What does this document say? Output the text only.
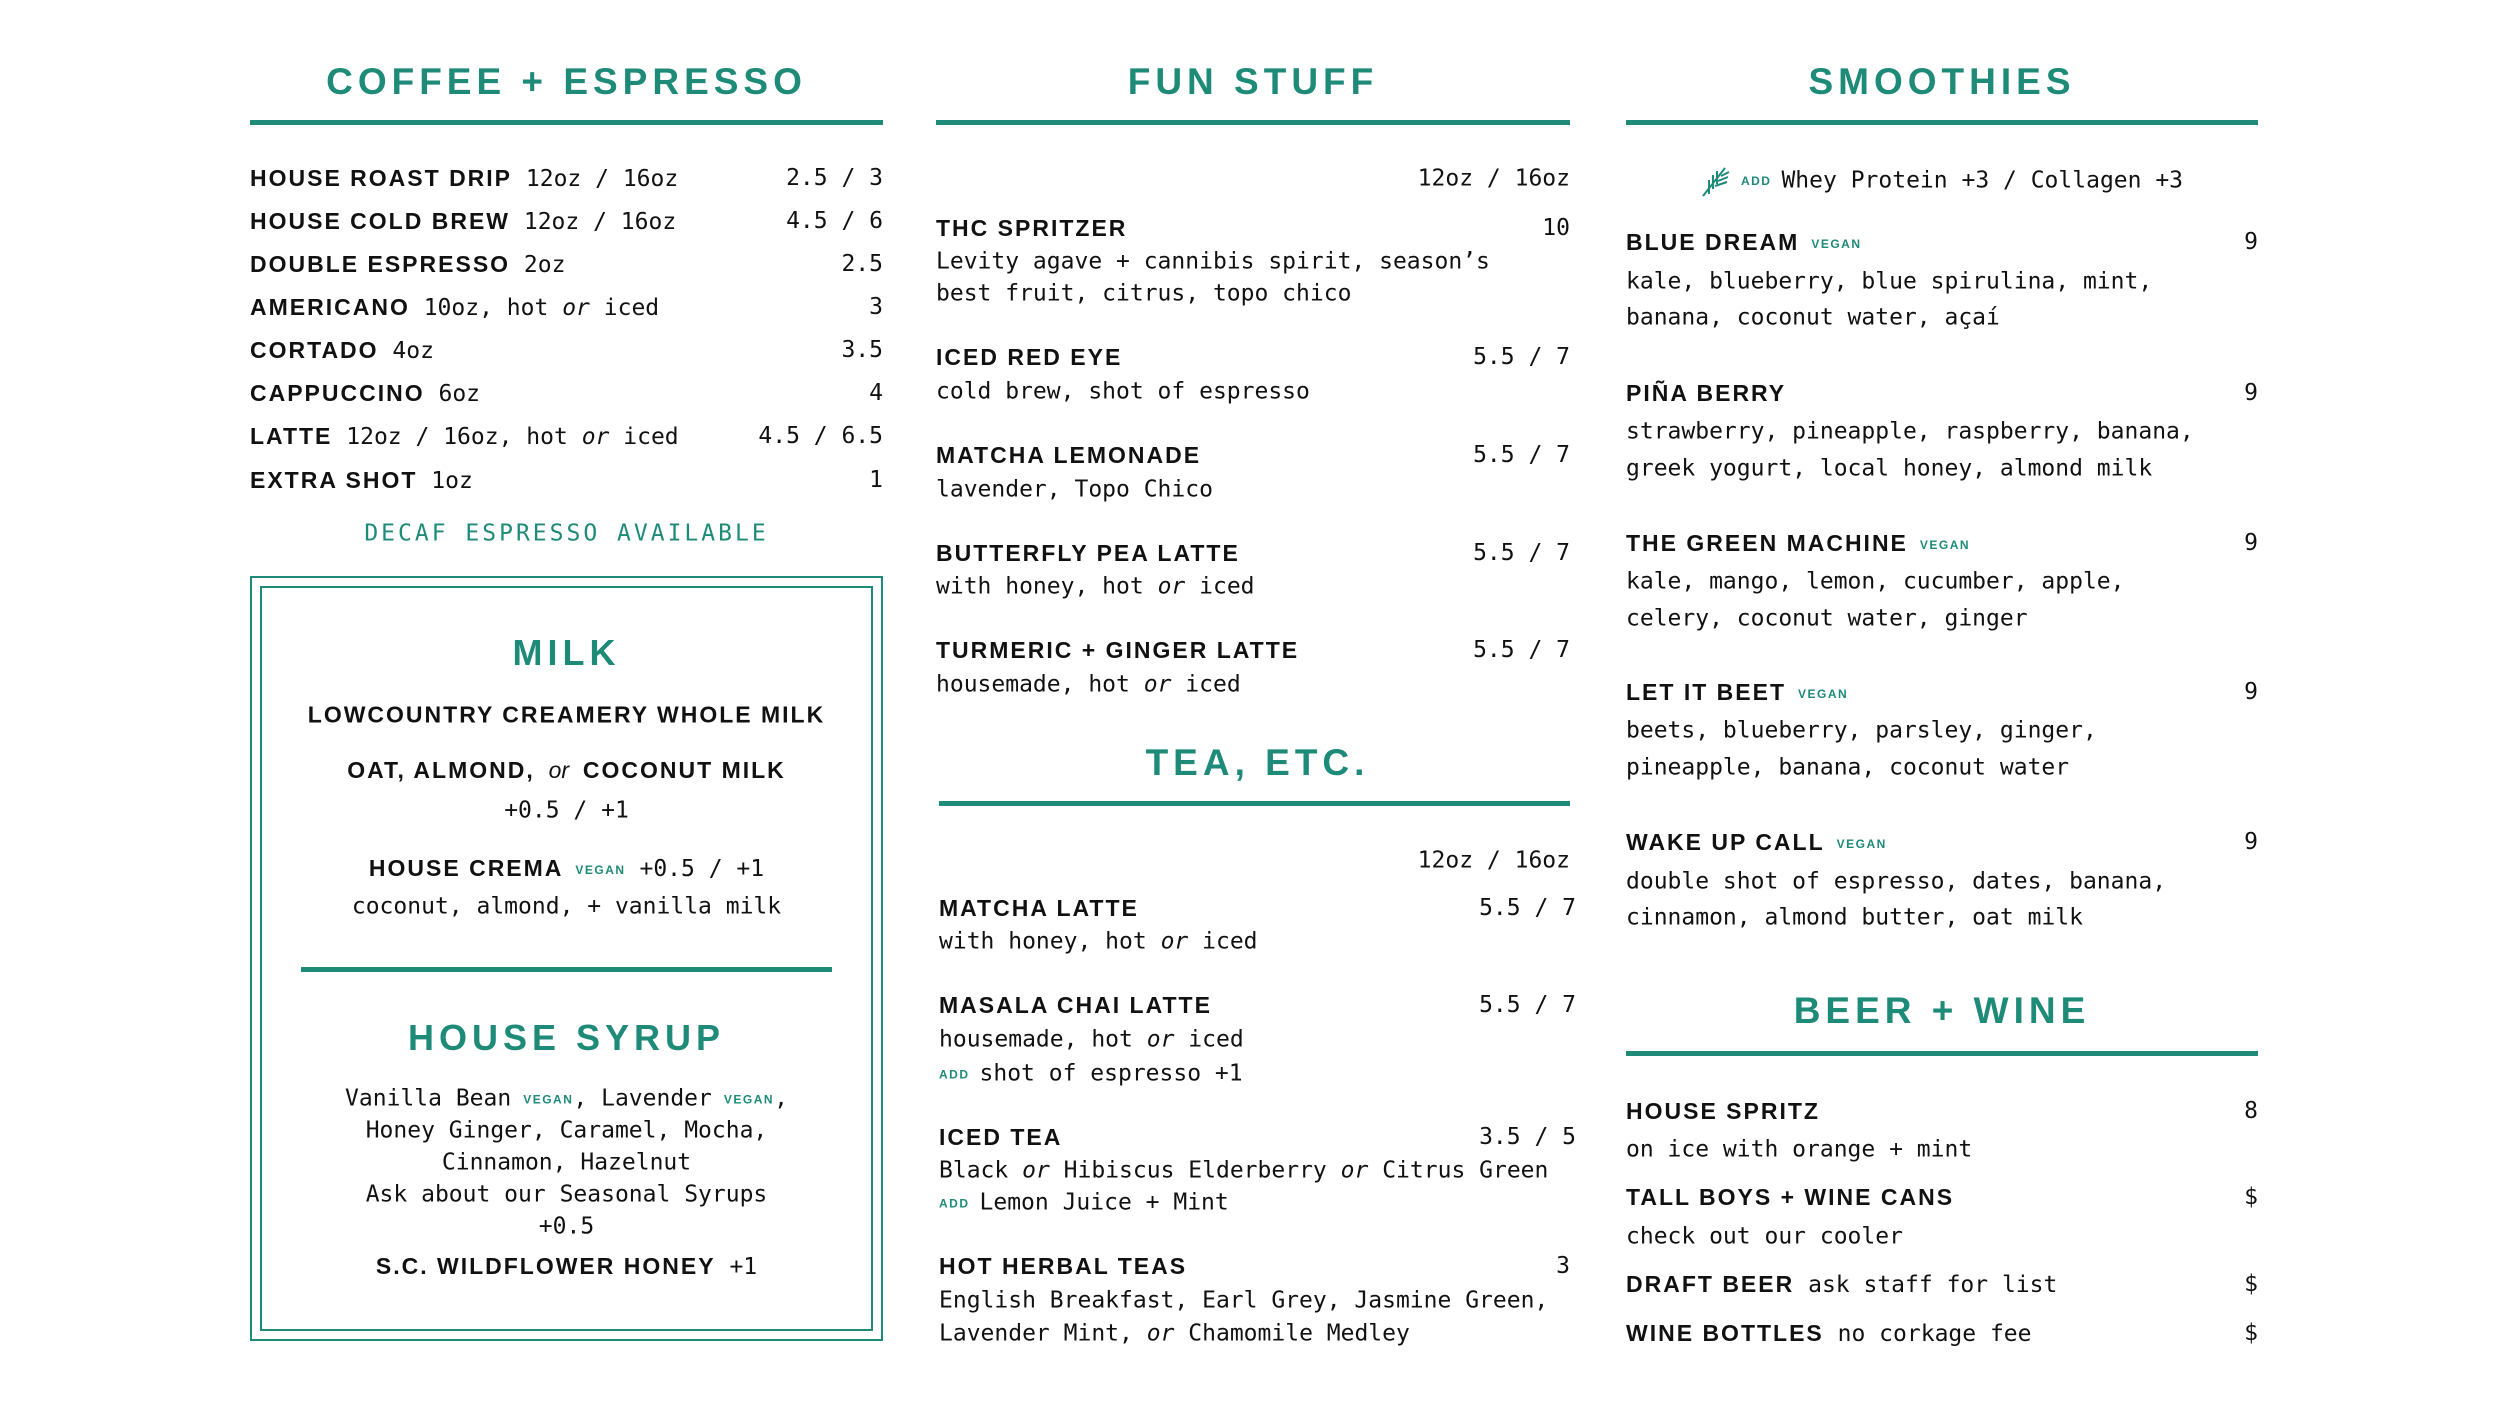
COFFEE + ESPRESSO
HOUSE ROAST DRIP 12oz / 16oz	2.5 / 3
HOUSE COLD BREW 12oz / 16oz	4.5 / 6
DOUBLE ESPRESSO 2oz	2.5
AMERICANO 10oz, hot or iced	3
CORTADO 4oz	3.5
CAPPUCCINO 6oz	4
LATTE 12oz / 16oz, hot or iced	4.5 / 6.5
EXTRA SHOT 1oz	1
DECAF ESPRESSO AVAILABLE
MILK
LOWCOUNTRY CREAMERY WHOLE MILK
OAT, ALMOND, or COCONUT MILK
+0.5 / +1
HOUSE CREMA VEGAN +0.5 / +1
coconut, almond, + vanilla milk
HOUSE SYRUP
Vanilla Bean VEGAN, Lavender VEGAN,
Honey Ginger, Caramel, Mocha,
Cinnamon, Hazelnut
Ask about our Seasonal Syrups
+0.5
S.C. WILDFLOWER HONEY +1
FUN STUFF
12oz / 16oz
THC SPRITZER	10
Levity agave + cannibis spirit, season’s
best fruit, citrus, topo chico
ICED RED EYE	5.5 / 7
cold brew, shot of espresso
MATCHA LEMONADE	5.5 / 7
lavender, Topo Chico
BUTTERFLY PEA LATTE	5.5 / 7
with honey, hot or iced
TURMERIC + GINGER LATTE	5.5 / 7
housemade, hot or iced
TEA, ETC.
12oz / 16oz
MATCHA LATTE	5.5 / 7
with honey, hot or iced
MASALA CHAI LATTE	5.5 / 7
housemade, hot or iced
ADD shot of espresso +1
ICED TEA	3.5 / 5
Black or Hibiscus Elderberry or Citrus Green
ADD Lemon Juice + Mint
HOT HERBAL TEAS	3
English Breakfast, Earl Grey, Jasmine Green,
Lavender Mint, or Chamomile Medley
SMOOTHIES
ADD Whey Protein +3 / Collagen +3
BLUE DREAM VEGAN	9
kale, blueberry, blue spirulina, mint,
banana, coconut water, açaí
PIÑA BERRY	9
strawberry, pineapple, raspberry, banana,
greek yogurt, local honey, almond milk
THE GREEN MACHINE VEGAN	9
kale, mango, lemon, cucumber, apple,
celery, coconut water, ginger
LET IT BEET VEGAN	9
beets, blueberry, parsley, ginger,
pineapple, banana, coconut water
WAKE UP CALL VEGAN	9
double shot of espresso, dates, banana,
cinnamon, almond butter, oat milk
BEER + WINE
HOUSE SPRITZ	8
on ice with orange + mint
TALL BOYS + WINE CANS	$
check out our cooler
DRAFT BEER ask staff for list	$
WINE BOTTLES no corkage fee	$
